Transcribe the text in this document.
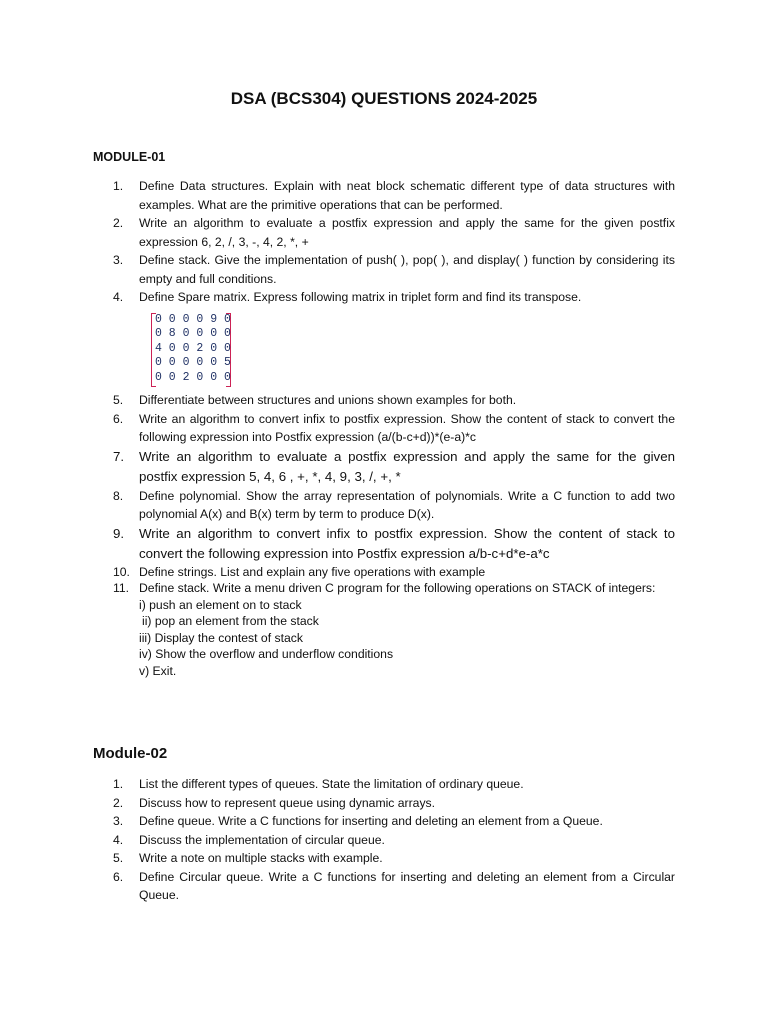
DSA (BCS304) QUESTIONS 2024-2025
MODULE-01
1. Define Data structures. Explain with neat block schematic different type of data structures with examples. What are the primitive operations that can be performed.
2. Write an algorithm to evaluate a postfix expression and apply the same for the given postfix expression 6, 2, /, 3, -, 4, 2, *, +
3. Define stack. Give the implementation of push( ), pop( ), and display( ) function by considering its empty and full conditions.
4. Define Spare matrix. Express following matrix in triplet form and find its transpose.
0 0 0 0 9 0
0 8 0 0 0 0
4 0 0 2 0 0
0 0 0 0 0 5
0 0 2 0 0 0
5. Differentiate between structures and unions shown examples for both.
6. Write an algorithm to convert infix to postfix expression. Show the content of stack to convert the following expression into Postfix expression (a/(b-c+d))*(e-a)*c
7. Write an algorithm to evaluate a postfix expression and apply the same for the given postfix expression 5, 4, 6 , +, *, 4, 9, 3, /, +, *
8. Define polynomial. Show the array representation of polynomials. Write a C function to add two polynomial A(x) and B(x) term by term to produce D(x).
9. Write an algorithm to convert infix to postfix expression. Show the content of stack to convert the following expression into Postfix expression a/b-c+d*e-a*c
10. Define strings. List and explain any five operations with example
11. Define stack. Write a menu driven C program for the following operations on STACK of integers:
i) push an element on to stack
ii) pop an element from the stack
iii) Display the contest of stack
iv) Show the overflow and underflow conditions
v) Exit.
Module-02
1. List the different types of queues. State the limitation of ordinary queue.
2. Discuss how to represent queue using dynamic arrays.
3. Define queue. Write a C functions for inserting and deleting an element from a Queue.
4. Discuss the implementation of circular queue.
5. Write a note on multiple stacks with example.
6. Define Circular queue. Write a C functions for inserting and deleting an element from a Circular Queue.
